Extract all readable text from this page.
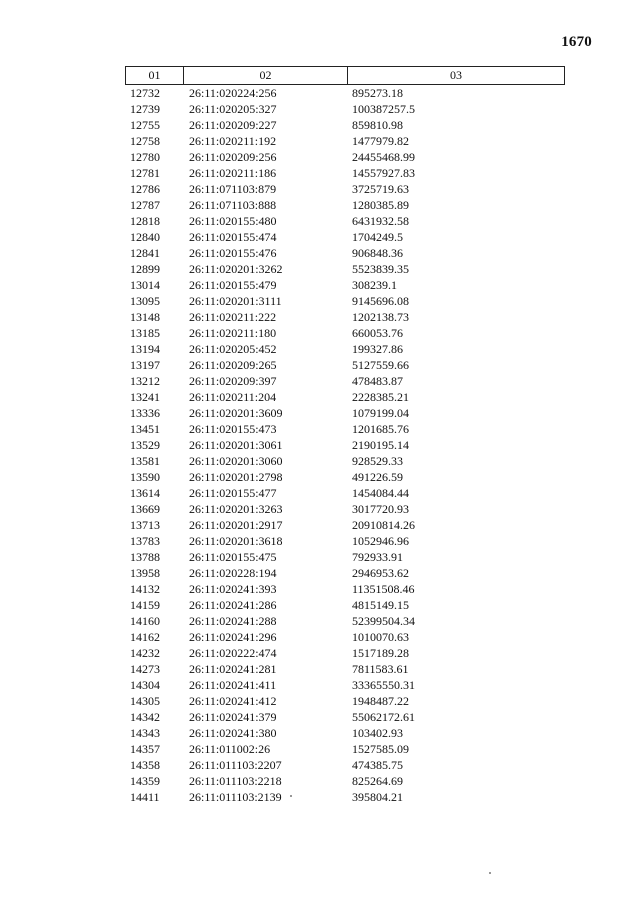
1670
01	02	03
12732	26:11:020224:256	895273.18
12739	26:11:020205:327	100387257.5
12755	26:11:020209:227	859810.98
12758	26:11:020211:192	1477979.82
12780	26:11:020209:256	24455468.99
12781	26:11:020211:186	14557927.83
12786	26:11:071103:879	3725719.63
12787	26:11:071103:888	1280385.89
12818	26:11:020155:480	6431932.58
12840	26:11:020155:474	1704249.5
12841	26:11:020155:476	906848.36
12899	26:11:020201:3262	5523839.35
13014	26:11:020155:479	308239.1
13095	26:11:020201:3111	9145696.08
13148	26:11:020211:222	1202138.73
13185	26:11:020211:180	660053.76
13194	26:11:020205:452	199327.86
13197	26:11:020209:265	5127559.66
13212	26:11:020209:397	478483.87
13241	26:11:020211:204	2228385.21
13336	26:11:020201:3609	1079199.04
13451	26:11:020155:473	1201685.76
13529	26:11:020201:3061	2190195.14
13581	26:11:020201:3060	928529.33
13590	26:11:020201:2798	491226.59
13614	26:11:020155:477	1454084.44
13669	26:11:020201:3263	3017720.93
13713	26:11:020201:2917	20910814.26
13783	26:11:020201:3618	1052946.96
13788	26:11:020155:475	792933.91
13958	26:11:020228:194	2946953.62
14132	26:11:020241:393	11351508.46
14159	26:11:020241:286	4815149.15
14160	26:11:020241:288	52399504.34
14162	26:11:020241:296	1010070.63
14232	26:11:020222:474	1517189.28
14273	26:11:020241:281	7811583.61
14304	26:11:020241:411	33365550.31
14305	26:11:020241:412	1948487.22
14342	26:11:020241:379	55062172.61
14343	26:11:020241:380	103402.93
14357	26:11:011002:26	1527585.09
14358	26:11:011103:2207	474385.75
14359	26:11:011103:2218	825264.69
14411	26:11:011103:2139	395804.21
